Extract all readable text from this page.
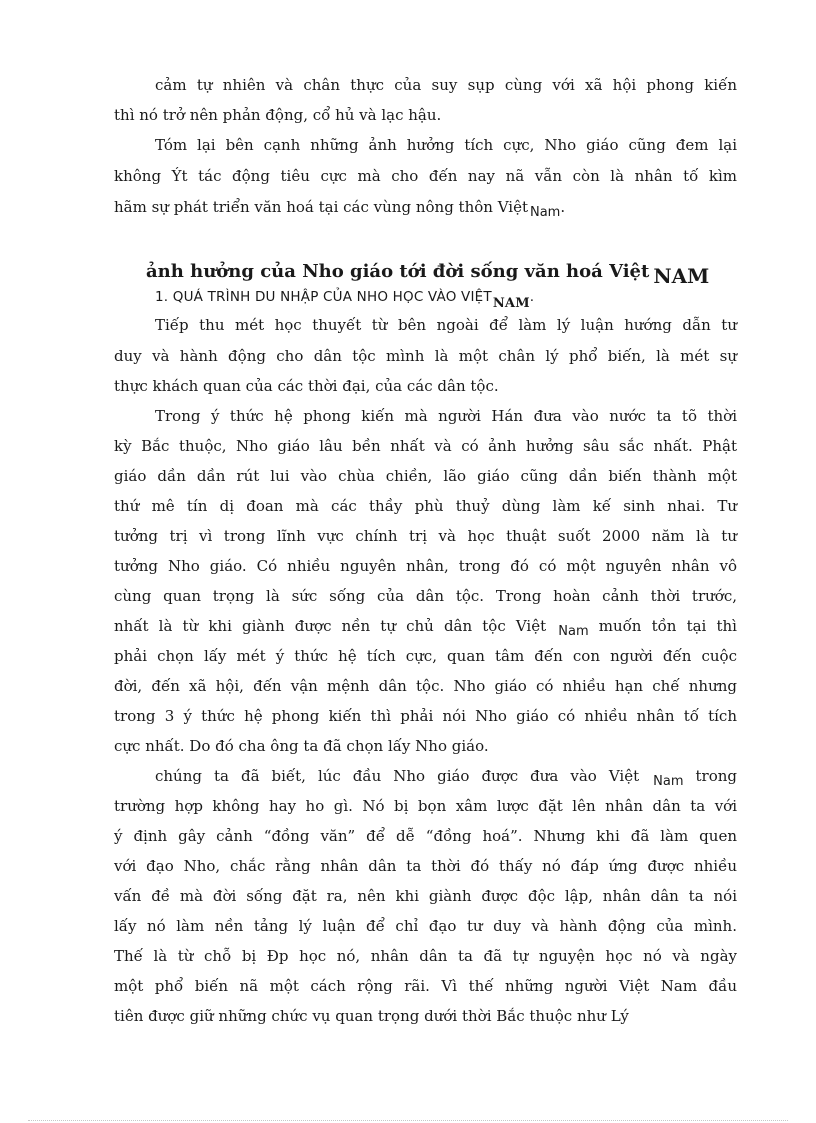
cảm tự nhiên và chân thực của suy sụp cùng với xã hội phong kiến
thì nó trở nên phản động, cổ hủ và lạc hậu.
Tóm lại bên cạnh những ảnh hưởng tích cực, Nho giáo cũng đem lại
không Ýt tác động tiêu cực mà cho đến nay nã vẫn còn là nhân tố kìm
hãm sự phát triển văn hoá tại các vùng nông thôn Việt Nam.
ảnh hưởng của Nho giáo tới đời sống văn hoá Việt NAM
1. QUÁ TRÌNH DU NHẬP CỦA NHO HỌC VÀO VIỆTNAM.
Tiếp thu mét học thuyết từ bên ngoài để làm lý luận hướng dẫn tư
duy và hành động cho dân tộc mình là một chân lý phổ biến, là mét sự
thực khách quan của các thời đại, của các dân tộc.
Trong ý thức hệ phong kiến mà người Hán đưa vào nước ta tõ thời
kỳ Bắc thuộc, Nho giáo lâu bền nhất và có ảnh hưởng sâu sắc nhất. Phật
giáo dần dần rút lui vào chùa chiền, lão giáo cũng dần biến thành một
thứ mê tín dị đoan mà các thầy phù thuỷ dùng làm kế sinh nhai. Tư
tưởng trị vì trong lĩnh vực chính trị và học thuật suốt 2000 năm là tư
tưởng Nho giáo. Có nhiều nguyên nhân, trong đó có một nguyên nhân vô
cùng quan trọng là sức sống của dân tộc. Trong hoàn cảnh thời trước,
nhất là từ khi giành được nền tự chủ dân tộc Việt Nam muốn tồn tại thì
phải chọn lấy mét ý thức hệ tích cực, quan tâm đến con người đến cuộc
đời, đến xã hội, đến vận mệnh dân tộc. Nho giáo có nhiều hạn chế nhưng
trong 3 ý thức hệ phong kiến thì phải nói Nho giáo có nhiều nhân tố tích
cực nhất. Do đó cha ông ta đã chọn lấy Nho giáo.
chúng ta đã biết, lúc đầu Nho giáo được đưa vào Việt Nam trong
trường hợp không hay ho gì. Nó bị bọn xâm lược đặt lên nhân dân ta với
ý định gây cảnh “đồng văn” để dễ “đồng hoá”. Nhưng khi đã làm quen
với đạo Nho, chắc rằng nhân dân ta thời đó thấy nó đáp ứng được nhiều
vấn đề mà đời sống đặt ra, nên khi giành được độc lập, nhân dân ta nói
lấy nó làm nền tảng lý luận để chỉ đạo tư duy và hành động của mình.
Thế là từ chỗ bị Đp học nó, nhân dân ta đã tự nguyện học nó và ngày
một phổ biến nã một cách rộng rãi. Vì thế những người Việt Nam đầu
tiên được giữ những chức vụ quan trọng dưới thời Bắc thuộc như Lý
